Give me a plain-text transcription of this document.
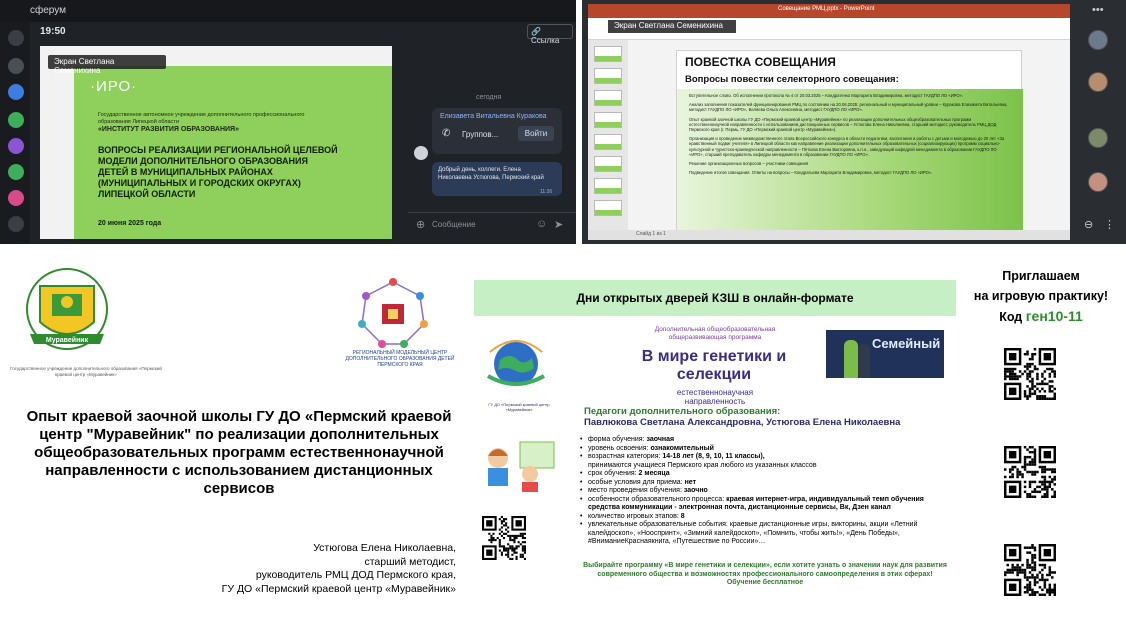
сферум
19:50	🔗 Ссылка
·ИРО·
Государственное автономное учреждение дополнительного профессионального образования Липецкой области
«ИНСТИТУТ РАЗВИТИЯ ОБРАЗОВАНИЯ»
ВОПРОСЫ РЕАЛИЗАЦИИ РЕГИОНАЛЬНОЙ ЦЕЛЕВОЙ МОДЕЛИ ДОПОЛНИТЕЛЬНОГО ОБРАЗОВАНИЯ ДЕТЕЙ В МУНИЦИПАЛЬНЫХ РАЙОНАХ (МУНИЦИПАЛЬНЫХ И ГОРОДСКИХ ОКРУГАХ) ЛИПЕЦКОЙ ОБЛАСТИ
20 июня 2025 года
Экран Светлана Семенихина
сегодня
Елизавета Витальевна Куракова
✆ Группов...	Войти
Добрый день, коллеги. Елена Николаевна Устюгова, Пермский край
11:26
⊕ Сообщение	☺ ➤
Совещание РМЦ.pptx - PowerPoint
Экран Светлана Семенихина
ПОВЕСТКА СОВЕЩАНИЯ
Вопросы повестки селекторного совещания:

Вступительное слово. Об исполнении протокола № 4 от 20.03.2025 – Кондратенко Маргарита Владимировна, методист ГАУДПО ЛО «ИРО».

Анализ заполнения показателей функционирования РМЦ по состоянию на 20.06.2025: региональный и муниципальный уровни – Куракова Елизавета Витальевна, методист ГАУДПО ЛО «ИРО», Беляева Ольга Алексеевна, методист ГАУДПО ЛО «ИРО».

Опыт краевой заочной школы ГУ ДО «Пермский краевой центр «Муравейник» по реализации дополнительных общеобразовательных программ естественнонаучной направленности с использованием дистанционных сервисов – Устюгова Елена Николаевна, старший методист, руководитель РМЦ ДОД Пермского края (г. Пермь, ГУ ДО «Пермский краевой центр «Муравейник»).

Организация и проведение межведомственного этапа Всероссийского конкурса в области педагогики, воспитания и работы с детьми и молодежью до 20 лет «За нравственный подвиг учителя» в Липецкой области как направление реализации дополнительных образовательных (социализирующих) программ социально-культурной и туристско-краеведческой направленности – Пяткова Елена Викторовна, к.п.н., заведующий кафедрой менеджмента в образовании ГАУДПО ЛО «ИРО», старший преподаватель кафедры менеджмента в образовании ГАУДПО ЛО «ИРО».

Решение организационных вопросов – участники совещания

Подведение итогов совещания. Ответы на вопросы – Кондратьева Маргарита Владимировна, методист ГАУДПО ЛО «ИРО».

Слайд 1 из 1
•••
⊖ ⋮
Муравейник
Государственное учреждение дополнительного образования «Пермский краевой центр «Муравейник»
РЕГИОНАЛЬНЫЙ МОДЕЛЬНЫЙ ЦЕНТР ДОПОЛНИТЕЛЬНОГО ОБРАЗОВАНИЯ ДЕТЕЙ ПЕРМСКОГО КРАЯ
Опыт краевой заочной школы ГУ ДО «Пермский краевой центр "Муравейник" по реализации дополнительных общеобразовательных программ естественнонаучной направленности с использованием дистанционных сервисов
Устюгова Елена Николаевна,
старший методист,
руководитель РМЦ ДОД Пермского края,
ГУ ДО «Пермский краевой центр «Муравейник»
Дни открытых дверей КЗШ в онлайн-формате
ГУ ДО «Пермский краевой центр «Муравейник»
Дополнительная общеобразовательная общеразвивающая программа
В мире генетики и селекции
естественнонаучная направленность
Семейный
Педагоги дополнительного образования:
Павлюкова Светлана Александровна, Устюгова Елена Николаевна
• форма обучения: заочная
• уровень освоения: ознакомительный
• возрастная категория: 14-18 лет (8, 9, 10, 11 классы),
принимаются учащиеся Пермского края любого из указанных классов
• срок обучения: 2 месяца
• особые условия для приема: нет
• место проведения обучения: заочно
• особенности образовательного процесса: краевая интернет-игра, индивидуальный темп обучения средства коммуникации - электронная почта, дистанционные сервисы, Вк, Дзен канал
• количество игровых этапов: 8
• увлекательные образовательные события: краевые дистанционные игры, викторины, акции «Летний калейдоскоп», «Нооспринт», «Зимний калейдоскоп», «Помнить, чтобы жить!», «День Победы», #ВниманиеКраснаякнига, «Путешествие по России»…
Выбирайте программу «В мире генетики и селекции», если хотите узнать о значении наук для развития современного общества и возможностях профессионального самоопределения в этих сферах!
Обучение бесплатное
Приглашаем
на игровую практику!
Код ген10-11
